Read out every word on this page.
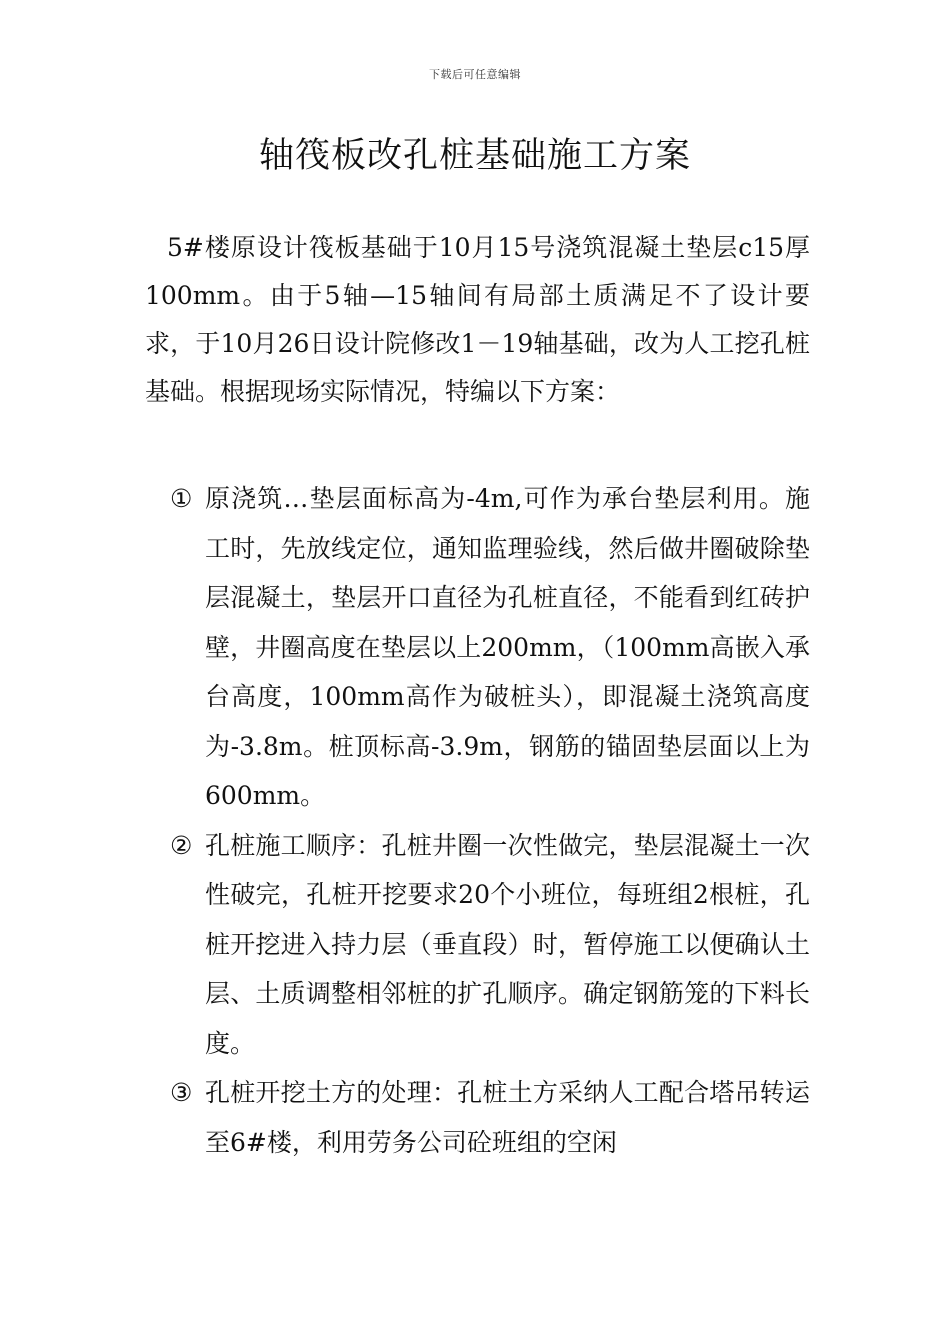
下载后可任意编辑
轴筏板改孔桩基础施工方案

5#楼原设计筏板基础于10月15号浇筑混凝土垫层c15厚100mm。由于5轴—15轴间有局部土质满足不了设计要求，于10月26日设计院修改1－19轴基础，改为人工挖孔桩基础。根据现场实际情况，特编以下方案：

① 原浇筑…垫层面标高为-4m,可作为承台垫层利用。施工时，先放线定位，通知监理验线，然后做井圈破除垫层混凝土，垫层开口直径为孔桩直径，不能看到红砖护壁，井圈高度在垫层以上200mm，（100mm高嵌入承台高度，100mm高作为破桩头），即混凝土浇筑高度为-3.8m。桩顶标高-3.9m，钢筋的锚固垫层面以上为600mm。
② 孔桩施工顺序：孔桩井圈一次性做完，垫层混凝土一次性破完，孔桩开挖要求20个小班位，每班组2根桩，孔桩开挖进入持力层（垂直段）时，暂停施工以便确认土层、土质调整相邻桩的扩孔顺序。确定钢筋笼的下料长度。
③ 孔桩开挖土方的处理：孔桩土方采纳人工配合塔吊转运至6#楼，利用劳务公司砼班组的空闲
